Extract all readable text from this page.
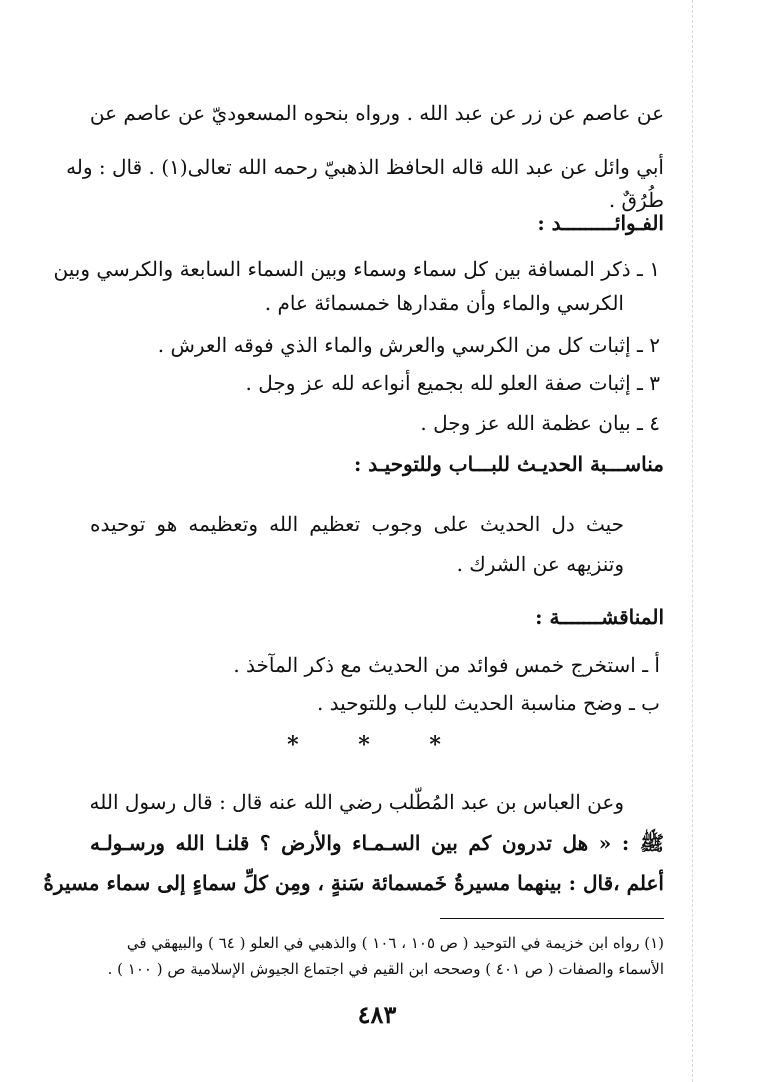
عن عاصم عن زر عن عبد الله . ورواه بنحوه المسعوديّ عن عاصم عن
أبي وائل عن عبد الله قاله الحافظ الذهبيّ رحمه الله تعالى(١) . قال : وله
طُرُقٌ .
الفـوائـــــــــد :
١ ـ ذكر المسافة بين كل سماء وسماء وبين السماء السابعة والكرسي وبين
الكرسي والماء وأن مقدارها خمسمائة عام .
٢ ـ إثبات كل من الكرسي والعرش والماء الذي فوقه العرش .
٣ ـ إثبات صفة العلو لله بجميع أنواعه لله عز وجل .
٤ ـ بيان عظمة الله عز وجل .
مناســـبة الحديـث للبـــاب وللتوحيـد :
حيث دل الحديث على وجوب تعظيم الله وتعظيمه هو توحيده
وتنزيهه عن الشرك .
المناقشـــــــة :
أ ـ استخرج خمس فوائد من الحديث مع ذكر المآخذ .
ب ـ وضح مناسبة الحديث للباب وللتوحيد .
* * *
وعن العباس بن عبد المُطّلب رضي الله عنه قال : قال رسول الله
ﷺ : « هل تدرون كم بين السـمـاء والأرض ؟ قلنـا الله ورسـولـه
أعلم ،قال : بينهما مسيرةُ خَمسمائة سَنةٍ ، ومِن كلِّ سماءٍ إلى سماء مسيرةُ
(١) رواه ابن خزيمة في التوحيد ( ص ١٠٥ ، ١٠٦ ) والذهبي في العلو ( ٦٤ ) والبيهقي في
الأسماء والصفات ( ص ٤٠١ ) وصححه ابن القيم في اجتماع الجيوش الإسلامية ص ( ١٠٠ ) .
٤٨٣
